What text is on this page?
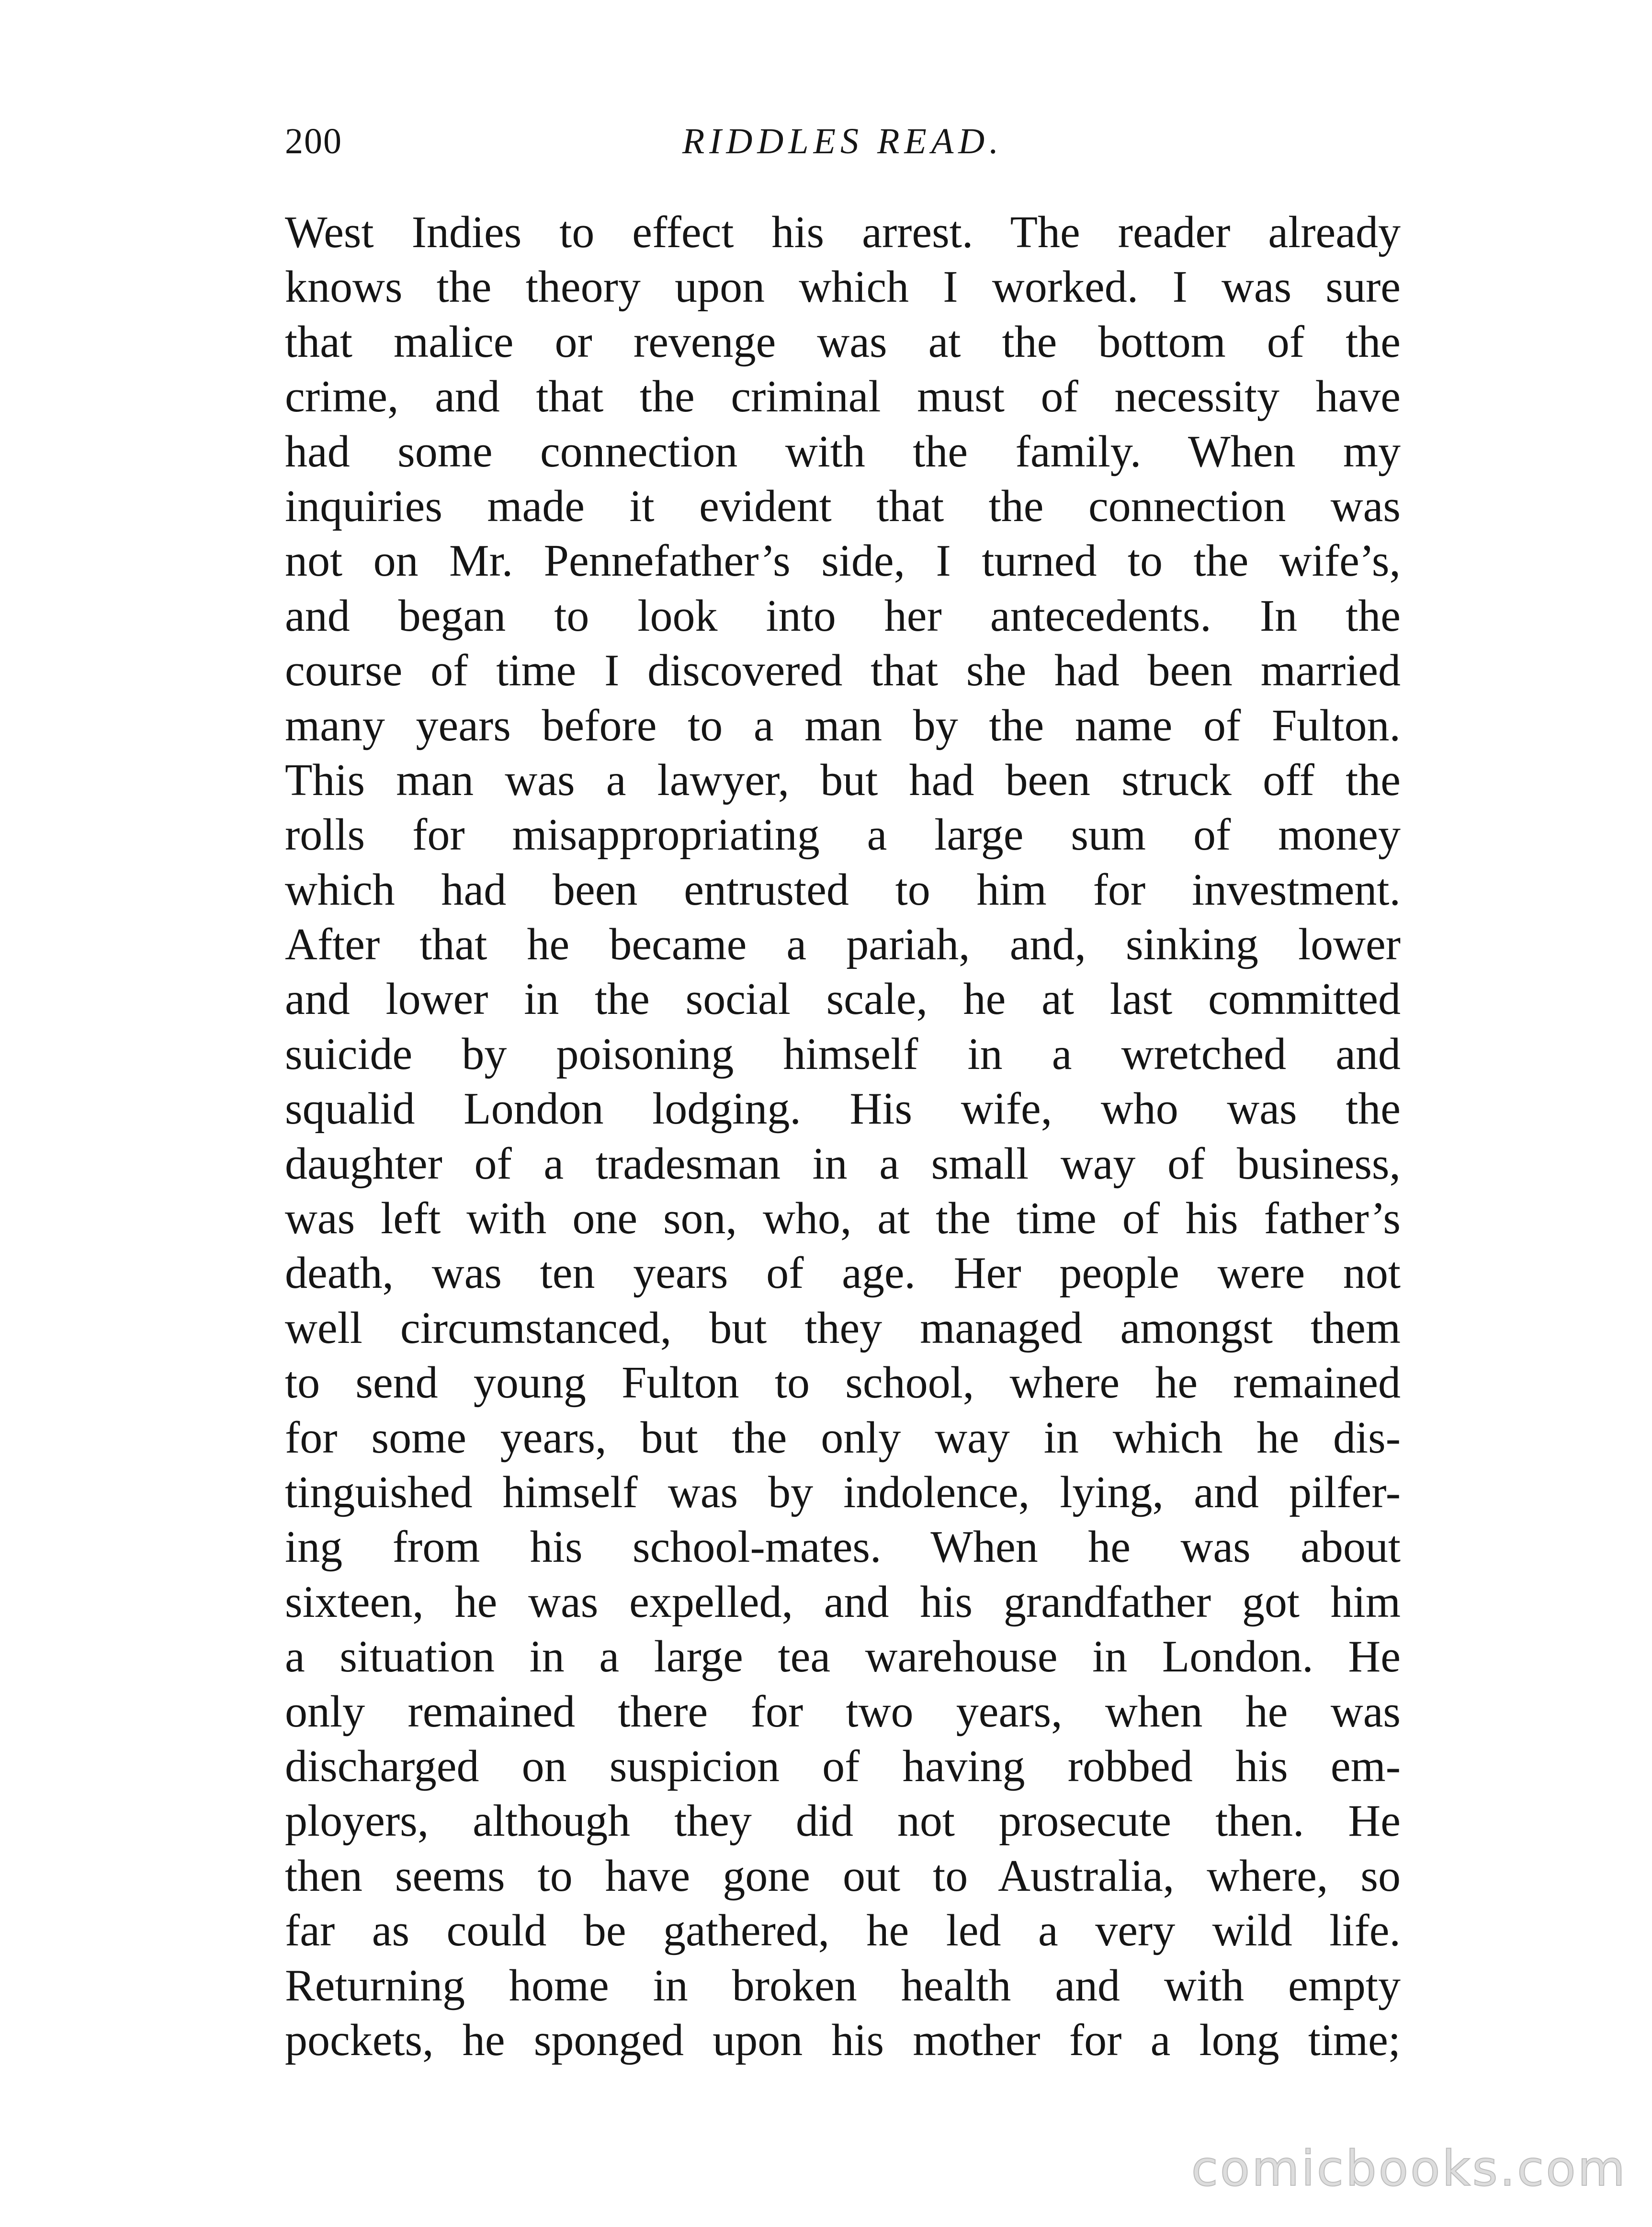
200	RIDDLES READ.
West Indies to effect his arrest. The reader already
knows the theory upon which I worked. I was sure
that malice or revenge was at the bottom of the
crime, and that the criminal must of necessity have
had some connection with the family. When my
inquiries made it evident that the connection was
not on Mr. Pennefather’s side, I turned to the wife’s,
and began to look into her antecedents. In the
course of time I discovered that she had been married
many years before to a man by the name of Fulton.
This man was a lawyer, but had been struck off the
rolls for misappropriating a large sum of money
which had been entrusted to him for investment.
After that he became a pariah, and, sinking lower
and lower in the social scale, he at last committed
suicide by poisoning himself in a wretched and
squalid London lodging. His wife, who was the
daughter of a tradesman in a small way of business,
was left with one son, who, at the time of his father’s
death, was ten years of age. Her people were not
well circumstanced, but they managed amongst them
to send young Fulton to school, where he remained
for some years, but the only way in which he dis-
tinguished himself was by indolence, lying, and pilfer-
ing from his school-mates. When he was about
sixteen, he was expelled, and his grandfather got him
a situation in a large tea warehouse in London. He
only remained there for two years, when he was
discharged on suspicion of having robbed his em-
ployers, although they did not prosecute then. He
then seems to have gone out to Australia, where, so
far as could be gathered, he led a very wild life.
Returning home in broken health and with empty
pockets, he sponged upon his mother for a long time;
comicbooks.com
